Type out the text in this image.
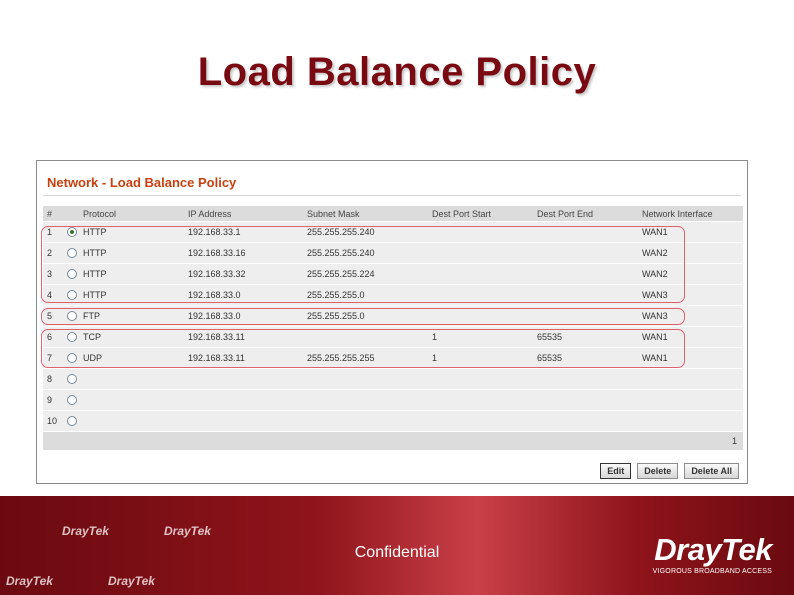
Load Balance Policy
Network - Load Balance Policy
#		Protocol	IP Address	Subnet Mask	Dest Port Start	Dest Port End	Network Interface
1		HTTP	192.168.33.1	255.255.255.240			WAN1
2		HTTP	192.168.33.16	255.255.255.240			WAN2
3		HTTP	192.168.33.32	255.255.255.224			WAN2
4		HTTP	192.168.33.0	255.255.255.0			WAN3
5		FTP	192.168.33.0	255.255.255.0			WAN3
6		TCP	192.168.33.11		1	65535	WAN1
7		UDP	192.168.33.11	255.255.255.255	1	65535	WAN1
8							
9							
10							
1							
Edit	Delete	Delete All
DrayTek	DrayTek
DrayTek	DrayTek
Confidential	DrayTek
VIGOROUS BROADBAND ACCESS
